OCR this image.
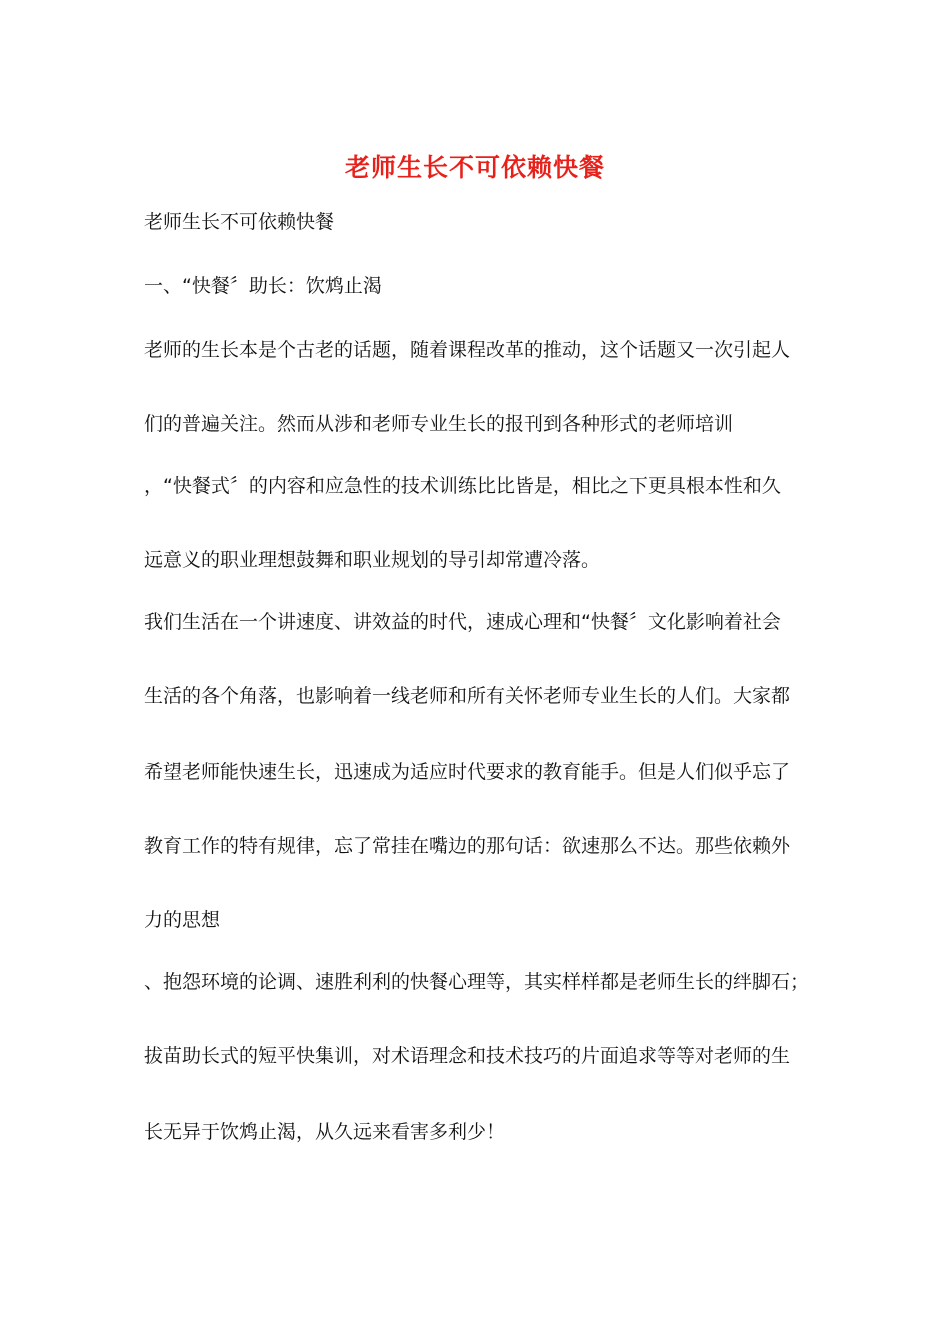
老师生长不可依赖快餐
老师生长不可依赖快餐
一、“快餐〞助长：饮鸩止渴
老师的生长本是个古老的话题，随着课程改革的推动，这个话题又一次引起人
们的普遍关注。然而从涉和老师专业生长的报刊到各种形式的老师培训
，“快餐式〞的内容和应急性的技术训练比比皆是，相比之下更具根本性和久
远意义的职业理想鼓舞和职业规划的导引却常遭冷落。
我们生活在一个讲速度、讲效益的时代，速成心理和“快餐〞文化影响着社会
生活的各个角落，也影响着一线老师和所有关怀老师专业生长的人们。大家都
希望老师能快速生长，迅速成为适应时代要求的教育能手。但是人们似乎忘了
教育工作的特有规律，忘了常挂在嘴边的那句话：欲速那么不达。那些依赖外
力的思想
、抱怨环境的论调、速胜利利的快餐心理等，其实样样都是老师生长的绊脚石；
拔苗助长式的短平快集训，对术语理念和技术技巧的片面追求等等对老师的生
长无异于饮鸩止渴，从久远来看害多利少！
